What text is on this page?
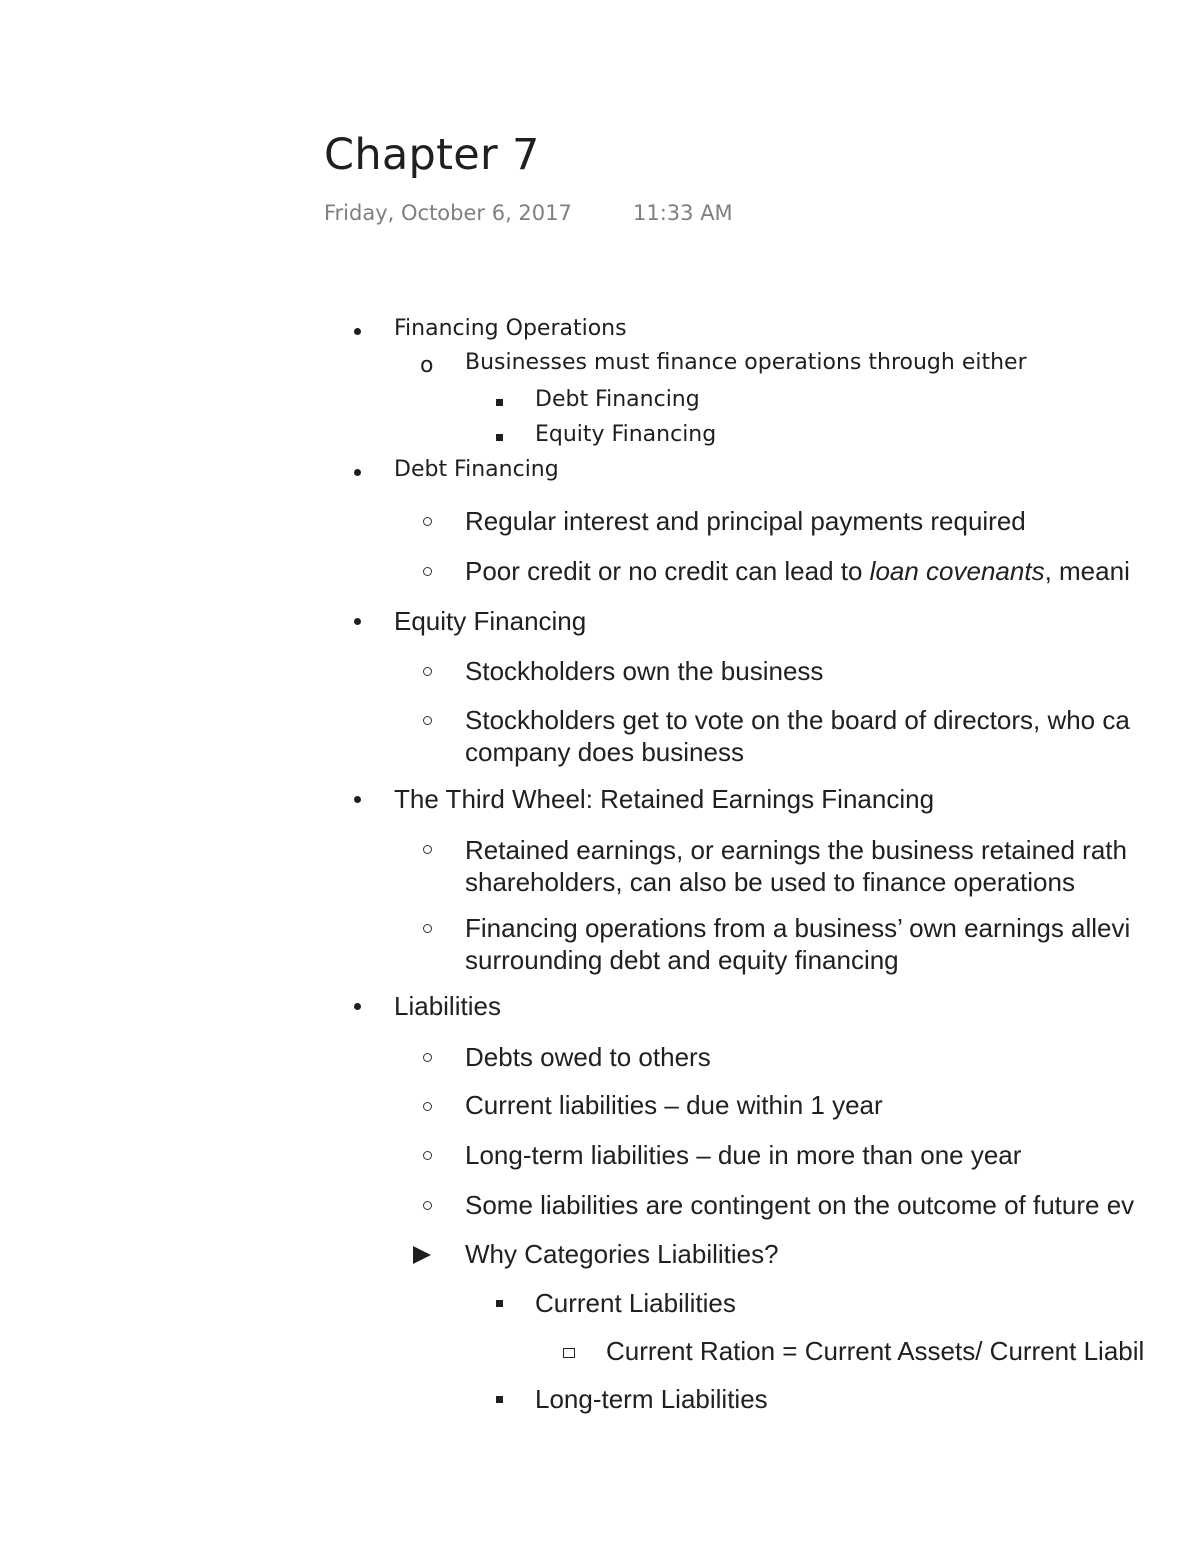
Chapter 7
Friday, October 6, 2017	11:33 AM
Financing Operations
o Businesses must finance operations through either
Debt Financing
Equity Financing
Debt Financing
Regular interest and principal payments required
Poor credit or no credit can lead to loan covenants, meani
Equity Financing
Stockholders own the business
Stockholders get to vote on the board of directors, who ca
company does business
The Third Wheel: Retained Earnings Financing
Retained earnings, or earnings the business retained rath
shareholders, can also be used to finance operations
Financing operations from a business’ own earnings allevi
surrounding debt and equity financing
Liabilities
Debts owed to others
Current liabilities – due within 1 year
Long-term liabilities – due in more than one year
Some liabilities are contingent on the outcome of future ev
Why Categories Liabilities?
Current Liabilities
Current Ration = Current Assets/ Current Liabil
Long-term Liabilities
